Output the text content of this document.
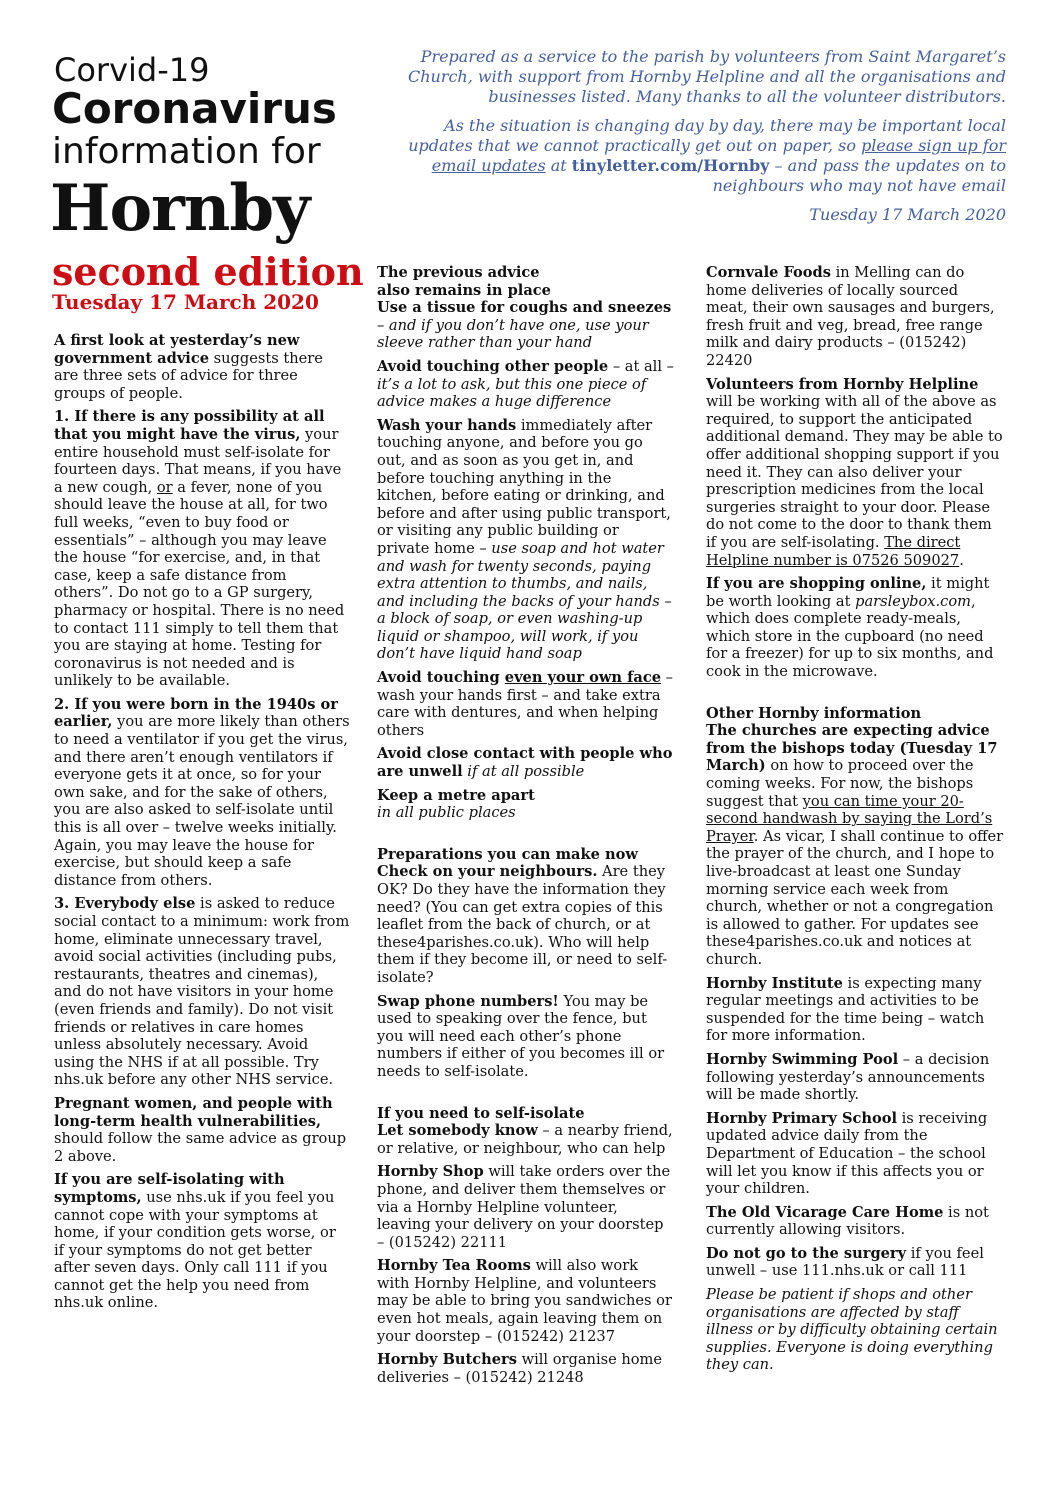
Corvid-19
Coronavirus
information for
Hornby
second edition
Tuesday 17 March 2020

Prepared as a service to the parish by volunteers from Saint Margaret’s Church, with support from Hornby Helpline and all the organisations and businesses listed. Many thanks to all the volunteer distributors.

As the situation is changing day by day, there may be important local updates that we cannot practically get out on paper, so please sign up for email updates at tinyletter.com/Hornby – and pass the updates on to neighbours who may not have email

Tuesday 17 March 2020

A first look at yesterday’s new government advice suggests there are three sets of advice for three groups of people.

1. If there is any possibility at all that you might have the virus, your entire household must self-isolate for fourteen days. That means, if you have a new cough, or a fever, none of you should leave the house at all, for two full weeks, “even to buy food or essentials” – although you may leave the house “for exercise, and, in that case, keep a safe distance from others”. Do not go to a GP surgery, pharmacy or hospital. There is no need to contact 111 simply to tell them that you are staying at home. Testing for coronavirus is not needed and is unlikely to be available.

2. If you were born in the 1940s or earlier, you are more likely than others to need a ventilator if you get the virus, and there aren’t enough ventilators if everyone gets it at once, so for your own sake, and for the sake of others, you are also asked to self-isolate until this is all over – twelve weeks initially. Again, you may leave the house for exercise, but should keep a safe distance from others.

3. Everybody else is asked to reduce social contact to a minimum: work from home, eliminate unnecessary travel, avoid social activities (including pubs, restaurants, theatres and cinemas), and do not have visitors in your home (even friends and family). Do not visit friends or relatives in care homes unless absolutely necessary. Avoid using the NHS if at all possible. Try nhs.uk before any other NHS service.

Pregnant women, and people with long-term health vulnerabilities, should follow the same advice as group 2 above.

If you are self-isolating with symptoms, use nhs.uk if you feel you cannot cope with your symptoms at home, if your condition gets worse, or if your symptoms do not get better after seven days. Only call 111 if you cannot get the help you need from nhs.uk online.

The previous advice
also remains in place

Use a tissue for coughs and sneezes – and if you don’t have one, use your sleeve rather than your hand

Avoid touching other people – at all – it’s a lot to ask, but this one piece of advice makes a huge difference

Wash your hands immediately after touching anyone, and before you go out, and as soon as you get in, and before touching anything in the kitchen, before eating or drinking, and before and after using public transport, or visiting any public building or private home – use soap and hot water and wash for twenty seconds, paying extra attention to thumbs, and nails, and including the backs of your hands – a block of soap, or even washing-up liquid or shampoo, will work, if you don’t have liquid hand soap

Avoid touching even your own face – wash your hands first – and take extra care with dentures, and when helping others

Avoid close contact with people who are unwell if at all possible

Keep a metre apart
in all public places

Preparations you can make now

Check on your neighbours. Are they OK? Do they have the information they need? (You can get extra copies of this leaflet from the back of church, or at these4parishes.co.uk). Who will help them if they become ill, or need to self-isolate?

Swap phone numbers! You may be used to speaking over the fence, but you will need each other’s phone numbers if either of you becomes ill or needs to self-isolate.

If you need to self-isolate

Let somebody know – a nearby friend, or relative, or neighbour, who can help

Hornby Shop will take orders over the phone, and deliver them themselves or via a Hornby Helpline volunteer, leaving your delivery on your doorstep – (015242) 22111

Hornby Tea Rooms will also work with Hornby Helpline, and volunteers may be able to bring you sandwiches or even hot meals, again leaving them on your doorstep – (015242) 21237

Hornby Butchers will organise home deliveries – (015242) 21248

Cornvale Foods in Melling can do home deliveries of locally sourced meat, their own sausages and burgers, fresh fruit and veg, bread, free range milk and dairy products – (015242) 22420

Volunteers from Hornby Helpline will be working with all of the above as required, to support the anticipated additional demand. They may be able to offer additional shopping support if you need it. They can also deliver your prescription medicines from the local surgeries straight to your door. Please do not come to the door to thank them if you are self-isolating. The direct Helpline number is 07526 509027.

If you are shopping online, it might be worth looking at parsleybox.com, which does complete ready-meals, which store in the cupboard (no need for a freezer) for up to six months, and cook in the microwave.

Other Hornby information

The churches are expecting advice from the bishops today (Tuesday 17 March) on how to proceed over the coming weeks. For now, the bishops suggest that you can time your 20-second handwash by saying the Lord’s Prayer. As vicar, I shall continue to offer the prayer of the church, and I hope to live-broadcast at least one Sunday morning service each week from church, whether or not a congregation is allowed to gather. For updates see these4parishes.co.uk and notices at church.

Hornby Institute is expecting many regular meetings and activities to be suspended for the time being – watch for more information.

Hornby Swimming Pool – a decision following yesterday’s announcements will be made shortly.

Hornby Primary School is receiving updated advice daily from the Department of Education – the school will let you know if this affects you or your children.

The Old Vicarage Care Home is not currently allowing visitors.

Do not go to the surgery if you feel unwell – use 111.nhs.uk or call 111

Please be patient if shops and other organisations are affected by staff illness or by difficulty obtaining certain supplies. Everyone is doing everything they can.
